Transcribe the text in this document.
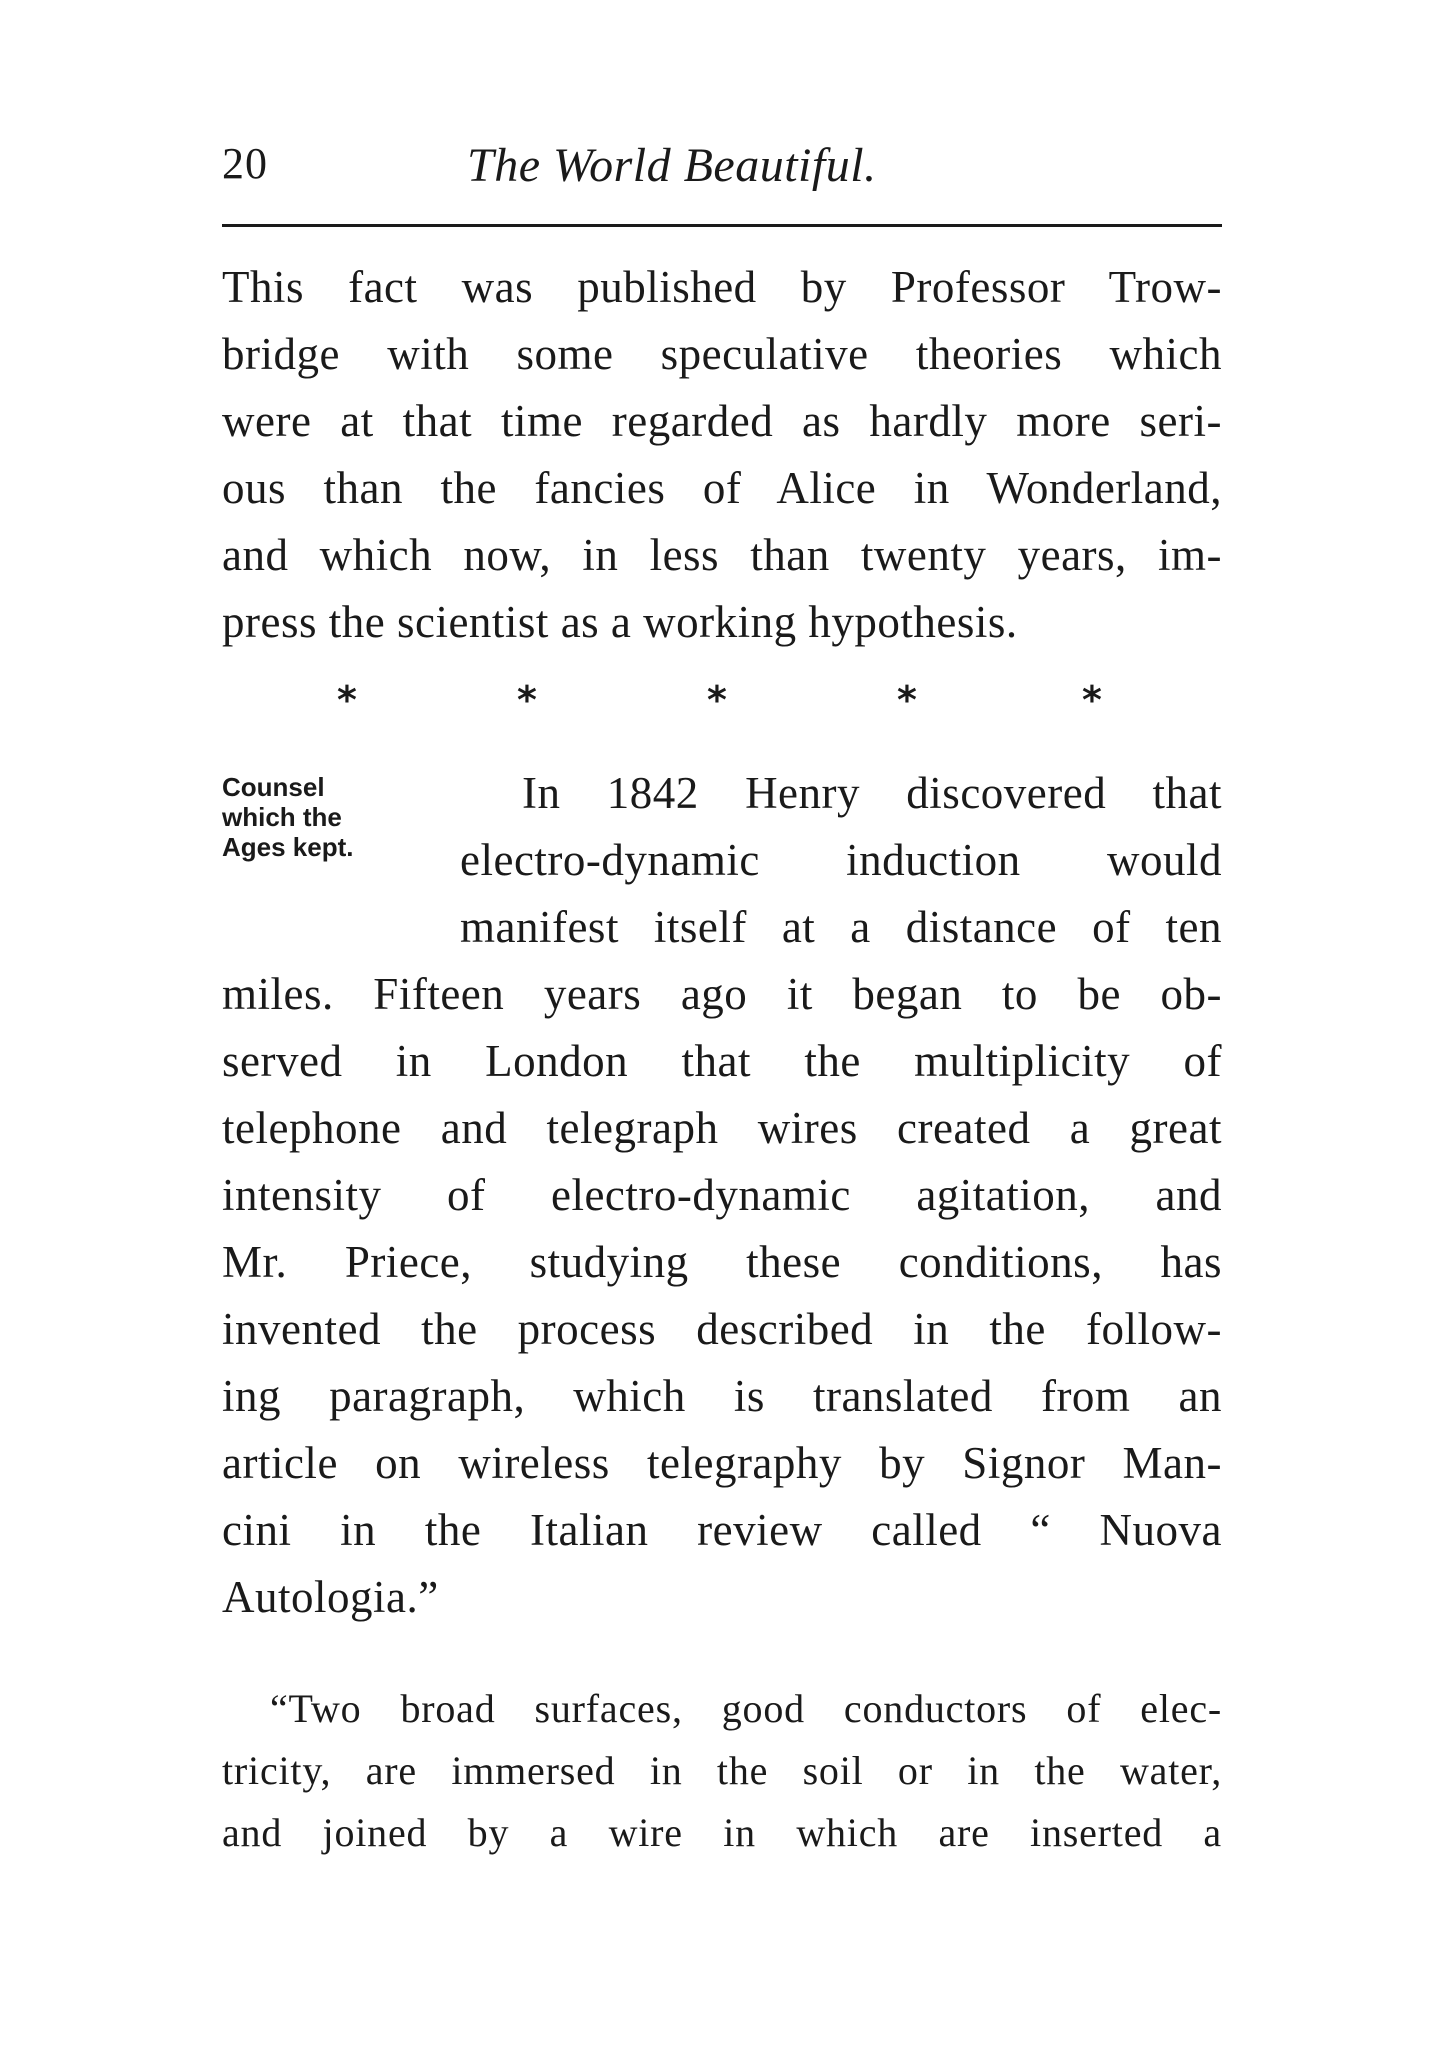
20	The World Beautiful.
This fact was published by Professor Trow-
bridge with some speculative theories which
were at that time regarded as hardly more seri-
ous than the fancies of Alice in Wonderland,
and which now, in less than twenty years, im-
press the scientist as a working hypothesis.
*	*	*	*	*
Counsel
which the
Ages kept.
In 1842 Henry discovered that
electro-dynamic induction would
manifest itself at a distance of ten
miles. Fifteen years ago it began to be ob-
served in London that the multiplicity of
telephone and telegraph wires created a great
intensity of electro-dynamic agitation, and
Mr. Priece, studying these conditions, has
invented the process described in the follow-
ing paragraph, which is translated from an
article on wireless telegraphy by Signor Man-
cini in the Italian review called “ Nuova
Autologia.”
“Two broad surfaces, good conductors of elec-
tricity, are immersed in the soil or in the water,
and joined by a wire in which are inserted a
